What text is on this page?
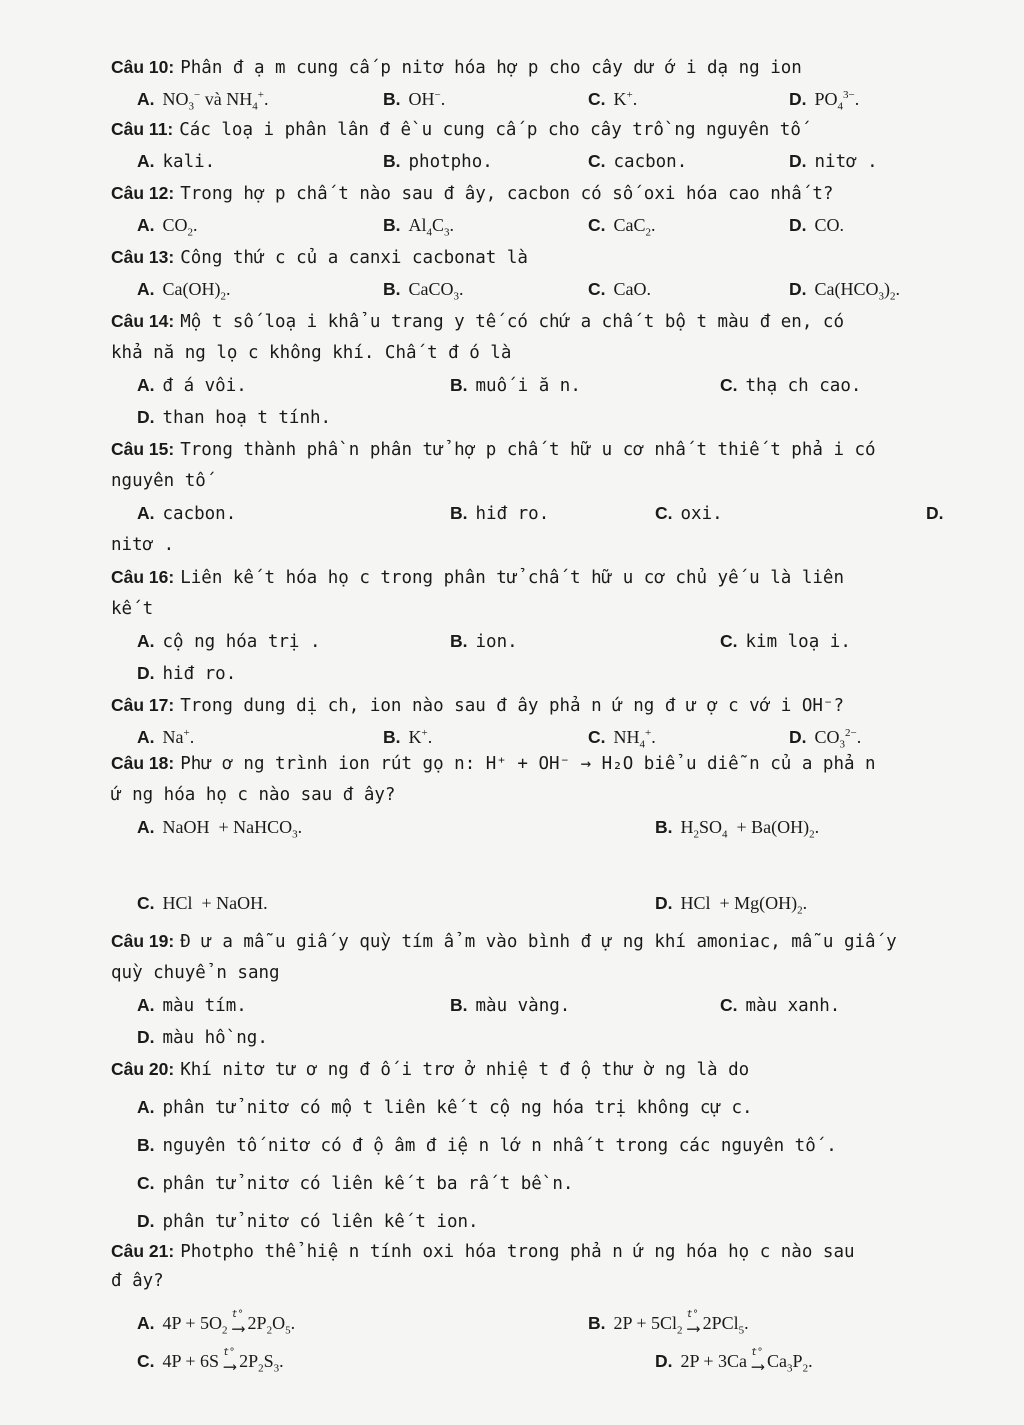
Câu 10: Phân đ ạ m cung cấ p nitơ hóa hợ p cho cây dư ớ i dạ ng ion
A. $NO_3^-$ và $NH_4^+$.	B. OH−.	C. K+.	D. $PO_4^{3-}$.
Câu 11: Các loạ i phân lân đ ề u cung cấ p cho cây trồ ng nguyên tố
A. kali.	B. photpho.	C. cacbon.	D. nitơ .
Câu 12: Trong hợ p chấ t nào sau đ ây, cacbon có số oxi hóa cao nhấ t?
A. $CO_2$.	B. $Al_4C_3$.	C. CaC$_2$.	D. CO.
Câu 13: Công thứ c củ a canxi cacbonat là
A. $Ca(OH)_2$.	B. CaCO$_3$.	C. CaO.	D. $Ca(HCO_3)_2$.
Câu 14: Mộ t số loạ i khẩ u trang y tế có chứ a chấ t bộ t màu đ en, có
khả nă ng lọ c không khí. Chấ t đ ó là
A. đ á vôi.	B. muố i ă n.	C. thạ ch cao.
D. than hoạ t tính.
Câu 15: Trong thành phầ n phân tử hợ p chấ t hữ u cơ nhấ t thiế t phả i có
nguyên tố
A. cacbon.	B. hiđ ro.	C. oxi.	D.
nitơ .
Câu 16: Liên kế t hóa họ c trong phân tử chấ t hữ u cơ chủ yế u là liên
kế t
A. cộ ng hóa trị .	B. ion.	C. kim loạ i.
D. hiđ ro.
Câu 17: Trong dung dị ch, ion nào sau đ ây phả n ứ ng đ ư ợ c vớ i OH⁻?
A. Na+.	B. K+.	C. $NH_4^+$.	D. $CO_3^{2-}$.
Câu 18: Phư ơ ng trình ion rút gọ n: H⁺ + OH⁻ → H₂O biể u diễ n củ a phả n
ứ ng hóa họ c nào sau đ ây?
A. NaOH  + NaHCO$_3$.	B. $H_2SO_4 + Ba(OH)_2$.
C. HCl  + NaOH.	D. HCl  + $Mg(OH)_2$.
Câu 19: Đ ư a mẫ u giấ y quỳ tím ẩ m vào bình đ ự ng khí amoniac, mẫ u giấ y
quỳ chuyể n sang
A. màu tím.	B. màu vàng.	C. màu xanh.
D. màu hồ ng.
Câu 20: Khí nitơ tư ơ ng đ ố i trơ ở nhiệ t đ ộ thư ờ ng là do
A. phân tử nitơ có mộ t liên kế t cộ ng hóa trị không cự c.
B. nguyên tố nitơ có đ ộ âm đ iệ n lớ n nhấ t trong các nguyên tố .
C. phân tử nitơ có liên kế t ba rấ t bề n.
D. phân tử nitơ có liên kế t ion.
Câu 21: Photpho thể hiệ n tính oxi hóa trong phả n ứ ng hóa họ c nào sau
đ ây?
A. $4P + 5O_2$
t°
⟶ $2P_2O_5$.	B. $2P + 5Cl_2$
t°
⟶ 2PCl$_5$.
C. 4P + 6S t°
⟶ $2P_2S_3$.	D. 2P + 3Ca t°
⟶ $Ca_3P_2$.
